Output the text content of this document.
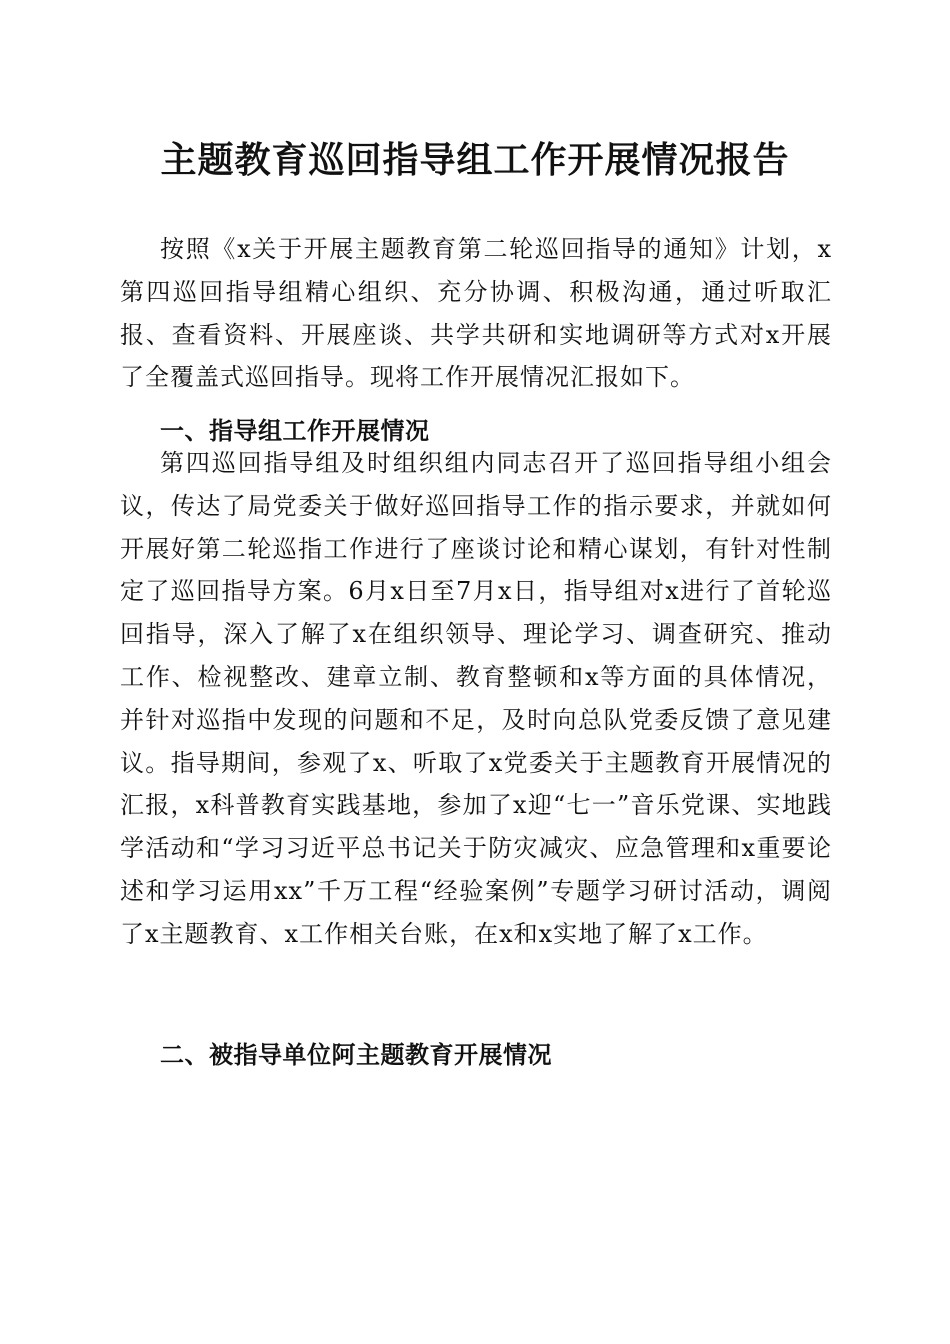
主题教育巡回指导组工作开展情况报告

按照《x关于开展主题教育第二轮巡回指导的通知》计划，x第四巡回指导组精心组织、充分协调、积极沟通，通过听取汇报、查看资料、开展座谈、共学共研和实地调研等方式对x开展了全覆盖式巡回指导。现将工作开展情况汇报如下。

一、指导组工作开展情况

第四巡回指导组及时组织组内同志召开了巡回指导组小组会议，传达了局党委关于做好巡回指导工作的指示要求，并就如何开展好第二轮巡指工作进行了座谈讨论和精心谋划，有针对性制定了巡回指导方案。6月x日至7月x日，指导组对x进行了首轮巡回指导，深入了解了x在组织领导、理论学习、调查研究、推动工作、检视整改、建章立制、教育整顿和x等方面的具体情况，并针对巡指中发现的问题和不足，及时向总队党委反馈了意见建议。指导期间，参观了x、听取了x党委关于主题教育开展情况的汇报，x科普教育实践基地，参加了x迎“七一”音乐党课、实地践学活动和“学习习近平总书记关于防灾减灾、应急管理和x重要论述和学习运用xx”千万工程“经验案例”专题学习研讨活动，调阅了x主题教育、x工作相关台账，在x和x实地了解了x工作。

二、被指导单位阿主题教育开展情况
